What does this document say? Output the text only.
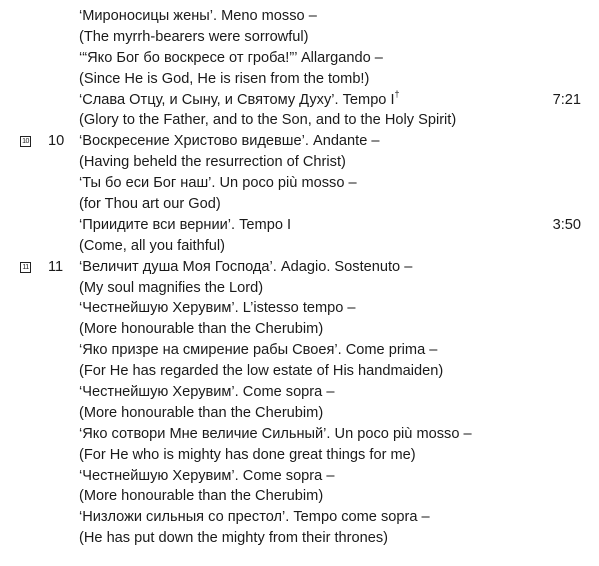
‘Мироносицы жены’. Meno mosso –
(The myrrh-bearers were sorrowful)
‘“Яко Бог бо воскресе от гроба!”’ Allargando –
(Since He is God, He is risen from the tomb!)
‘Слава Отцу, и Сыну, и Святому Духу’. Tempo I†	7:21
(Glory to the Father, and to the Son, and to the Holy Spirit)
10 10 ‘Воскресение Христово видевше’. Andante –
(Having beheld the resurrection of Christ)
‘Ты бо еси Бог наш’. Un poco più mosso –
(for Thou art our God)
‘Приидите вси вернии’. Tempo I	3:50
(Come, all you faithful)
11 11 ‘Величит душа Моя Господа’. Adagio. Sostenuto –
(My soul magnifies the Lord)
‘Честнейшую Херувим’. L’istesso tempo –
(More honourable than the Cherubim)
‘Яко призре на смирение рабы Своея’. Come prima –
(For He has regarded the low estate of His handmaiden)
‘Честнейшую Херувим’. Come sopra –
(More honourable than the Cherubim)
‘Яко сотвори Мне величие Сильный’. Un poco più mosso –
(For He who is mighty has done great things for me)
‘Честнейшую Херувим’. Come sopra –
(More honourable than the Cherubim)
‘Низложи сильныя со престол’. Tempo come sopra –
(He has put down the mighty from their thrones)
